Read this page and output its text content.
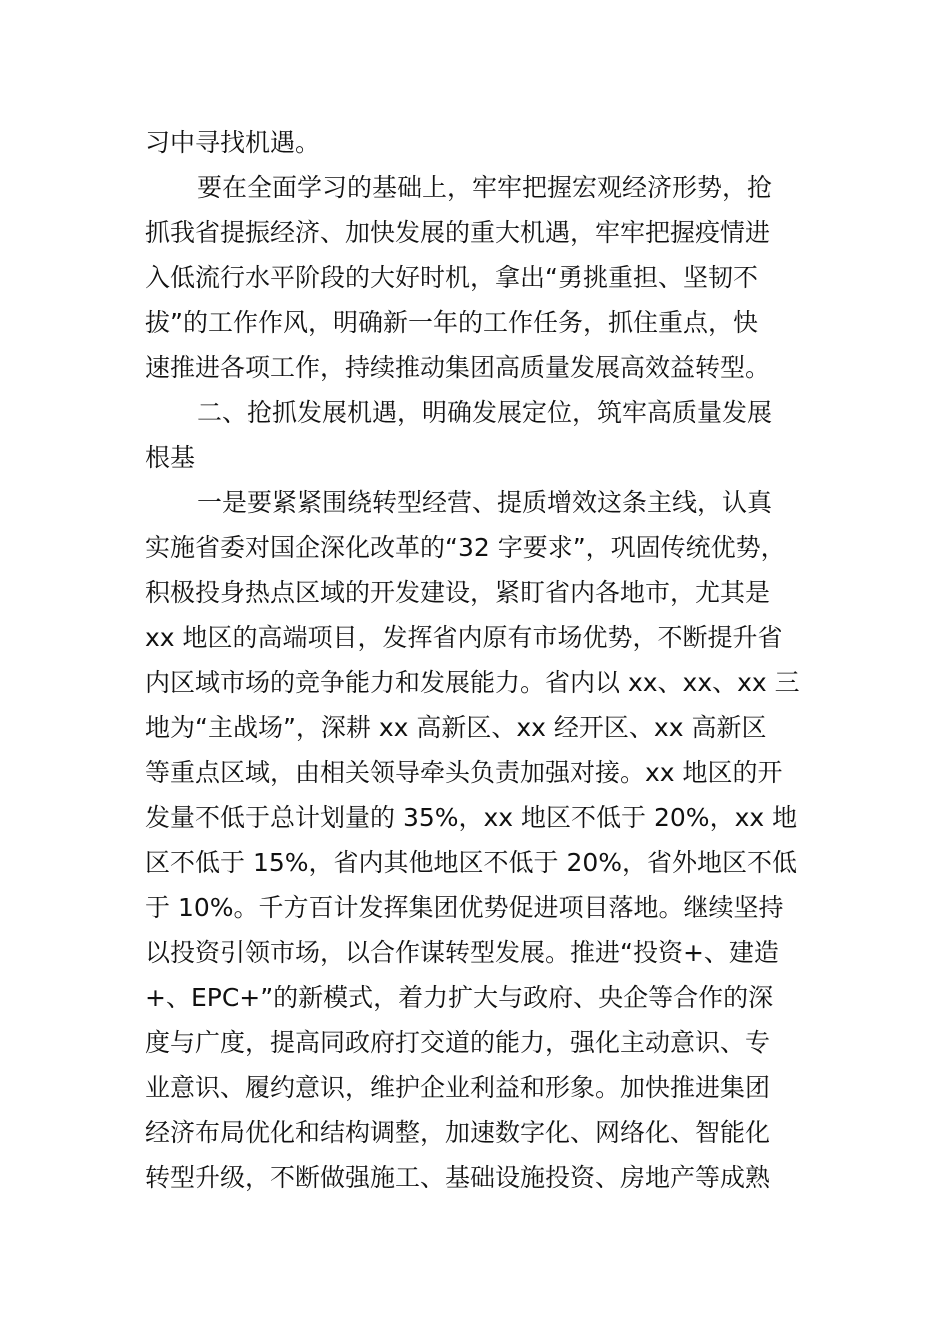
习中寻找机遇。
要在全面学习的基础上，牢牢把握宏观经济形势，抢
抓我省提振经济、加快发展的重大机遇，牢牢把握疫情进
入低流行水平阶段的大好时机，拿出“勇挑重担、坚韧不
拔”的工作作风，明确新一年的工作任务，抓住重点，快
速推进各项工作，持续推动集团高质量发展高效益转型。
二、抢抓发展机遇，明确发展定位，筑牢高质量发展
根基
一是要紧紧围绕转型经营、提质增效这条主线，认真
实施省委对国企深化改革的“32 字要求”，巩固传统优势，
积极投身热点区域的开发建设，紧盯省内各地市，尤其是
xx 地区的高端项目，发挥省内原有市场优势，不断提升省
内区域市场的竞争能力和发展能力。省内以 xx、xx、xx 三
地为“主战场”，深耕 xx 高新区、xx 经开区、xx 高新区
等重点区域，由相关领导牵头负责加强对接。xx 地区的开
发量不低于总计划量的 35%，xx 地区不低于 20%，xx 地
区不低于 15%，省内其他地区不低于 20%，省外地区不低
于 10%。千方百计发挥集团优势促进项目落地。继续坚持
以投资引领市场，以合作谋转型发展。推进“投资+、建造
+、EPC+”的新模式，着力扩大与政府、央企等合作的深
度与广度，提高同政府打交道的能力，强化主动意识、专
业意识、履约意识，维护企业利益和形象。加快推进集团
经济布局优化和结构调整，加速数字化、网络化、智能化
转型升级，不断做强施工、基础设施投资、房地产等成熟
